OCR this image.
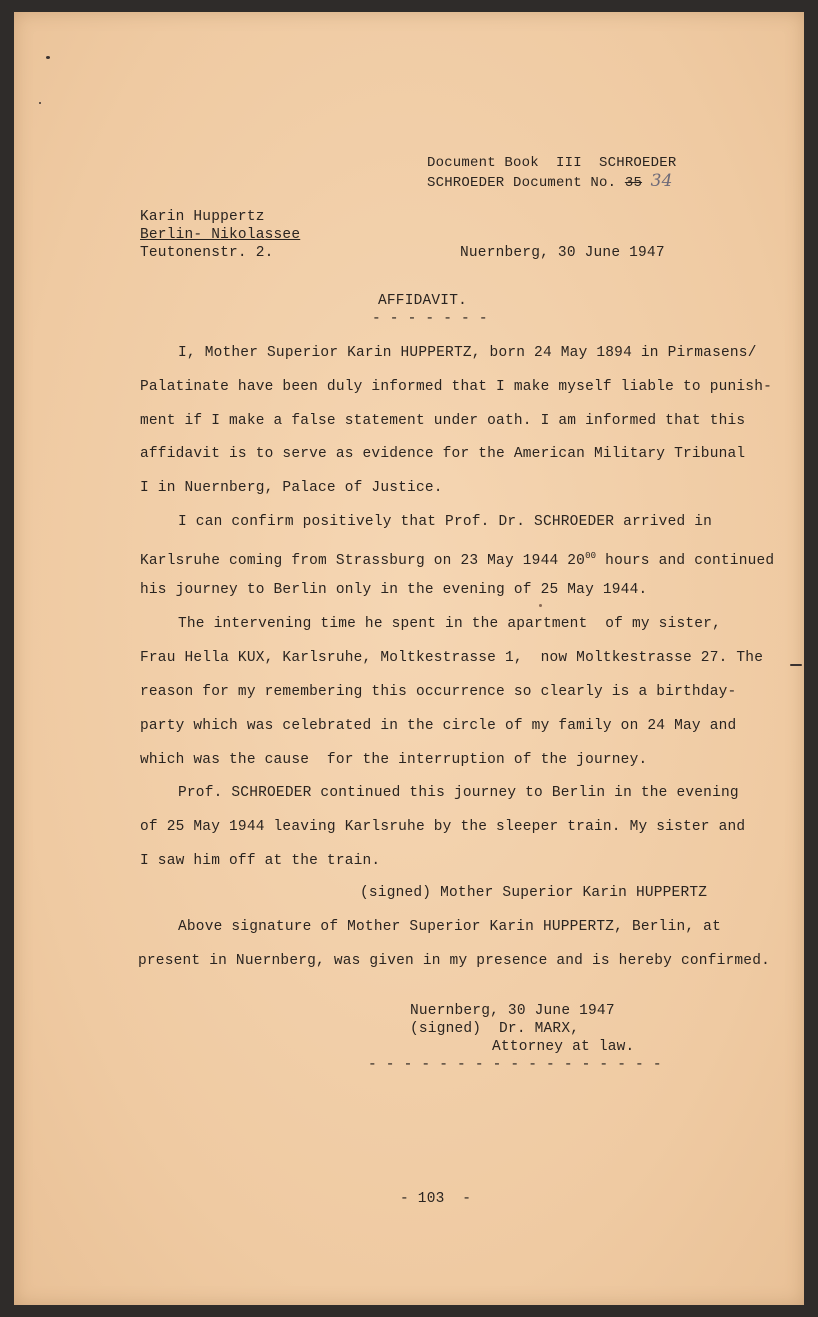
Document Book  III  SCHROEDER
SCHROEDER Document No. 35 34
Karin Huppertz
Berlin- Nikolassee
Teutonenstr. 2.	Nuernberg, 30 June 1947
AFFIDAVIT.
- - - - - - -
I, Mother Superior Karin HUPPERTZ, born 24 May 1894 in Pirmasens/
Palatinate have been duly informed that I make myself liable to punish-
ment if I make a false statement under oath. I am informed that this
affidavit is to serve as evidence for the American Military Tribunal
I in Nuernberg, Palace of Justice.
I can confirm positively that Prof. Dr. SCHROEDER arrived in
Karlsruhe coming from Strassburg on 23 May 1944 $20^{00}$ hours and continued
his journey to Berlin only in the evening of 25 May 1944.
The intervening time he spent in the apartment  of my sister,
Frau Hella KUX, Karlsruhe, Moltkestrasse 1,  now Moltkestrasse 27. The
reason for my remembering this occurrence so clearly is a birthday-
party which was celebrated in the circle of my family on 24 May and
which was the cause  for the interruption of the journey.
Prof. SCHROEDER continued this journey to Berlin in the evening
of 25 May 1944 leaving Karlsruhe by the sleeper train. My sister and
I saw him off at the train.
(signed) Mother Superior Karin HUPPERTZ
Above signature of Mother Superior Karin HUPPERTZ, Berlin, at
present in Nuernberg, was given in my presence and is hereby confirmed.
Nuernberg, 30 June 1947
(signed)  Dr. MARX,
Attorney at law.
- - - - - - - - - - - - - - - - -
- 103  -
